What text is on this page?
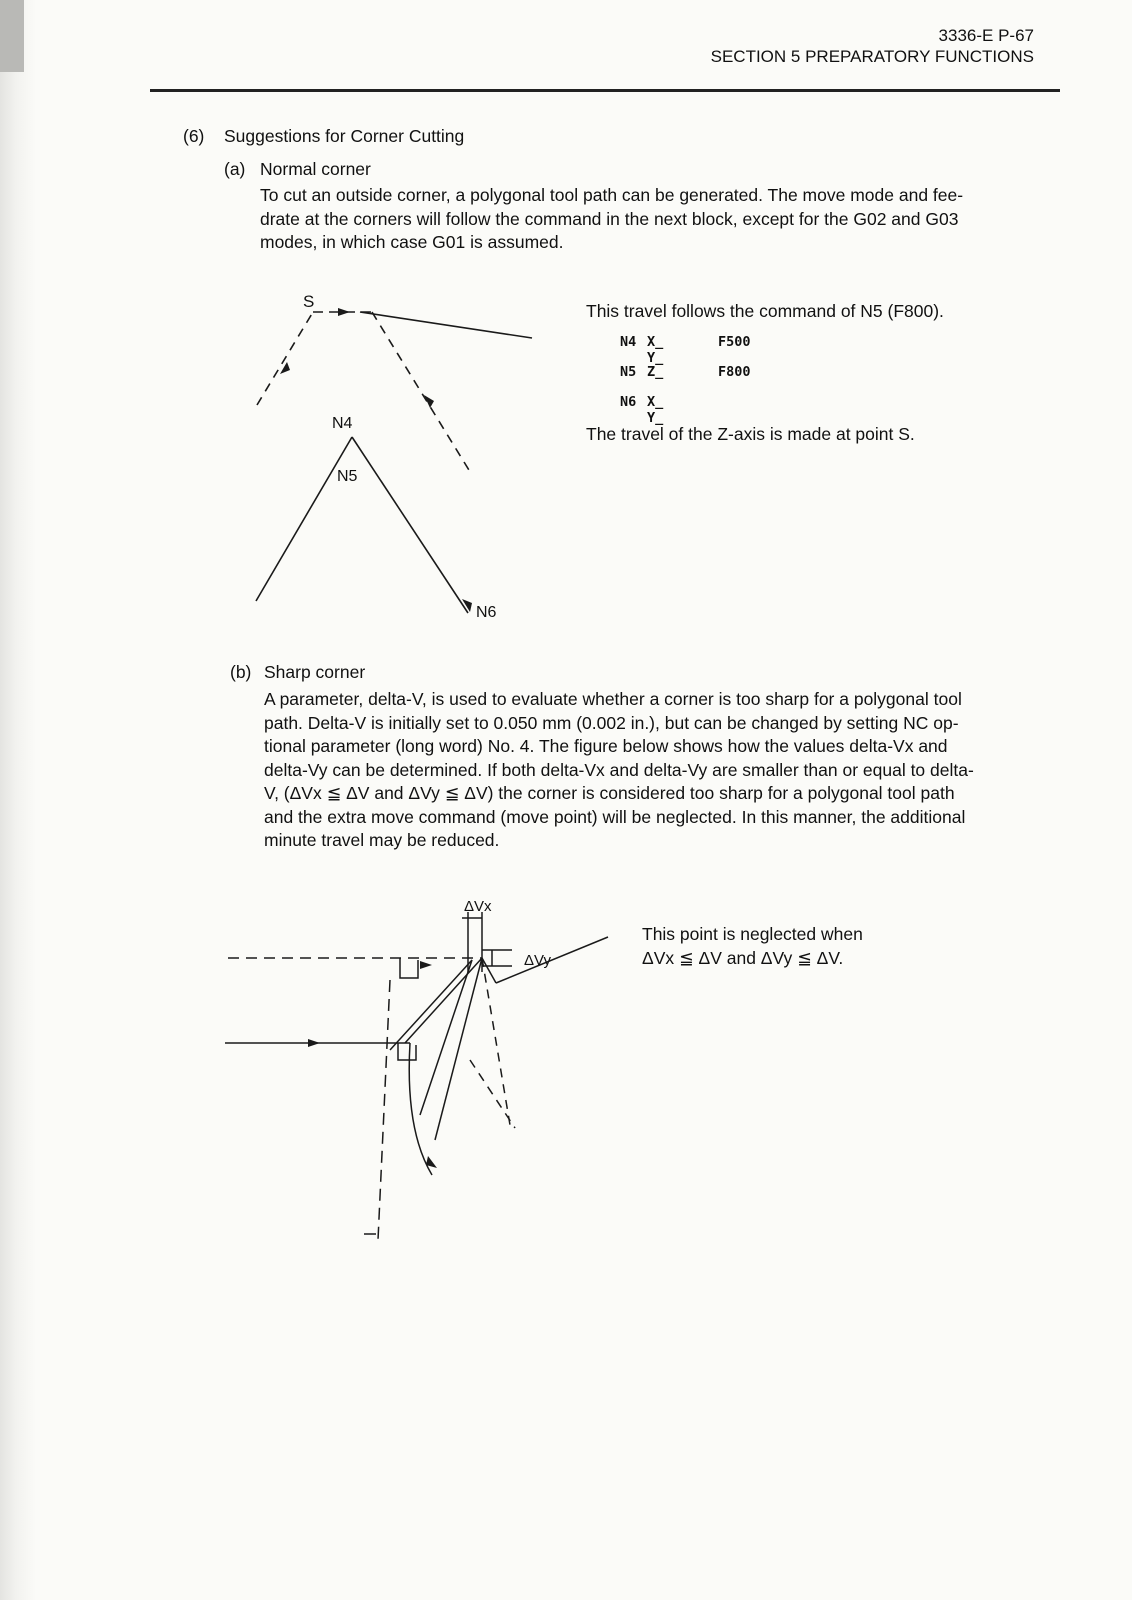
3336-E P-67
SECTION 5 PREPARATORY FUNCTIONS
(6) Suggestions for Corner Cutting
(a) Normal corner
To cut an outside corner, a polygonal tool path can be generated. The move mode and fee-
drate at the corners will follow the command in the next block, except for the G02 and G03
modes, in which case G01 is assumed.
S
N4
N5
N6
This travel follows the command of N5 (F800).
N4 X_ Y_
F500
N5 Z_	F800
N6 X_ Y_
The travel of the Z-axis is made at point S.
(b) Sharp corner
A parameter, delta-V, is used to evaluate whether a corner is too sharp for a polygonal tool
path. Delta-V is initially set to 0.050 mm (0.002 in.), but can be changed by setting NC op-
tional parameter (long word) No. 4. The figure below shows how the values delta-Vx and
delta-Vy can be determined. If both delta-Vx and delta-Vy are smaller than or equal to delta-
V, (ΔVx ≦ ΔV and ΔVy ≦ ΔV) the corner is considered too sharp for a polygonal tool path
and the extra move command (move point) will be neglected. In this manner, the additional
minute travel may be reduced.
ΔVx
ΔVy
This point is neglected when
ΔVx ≦ ΔV and ΔVy ≦ ΔV.
